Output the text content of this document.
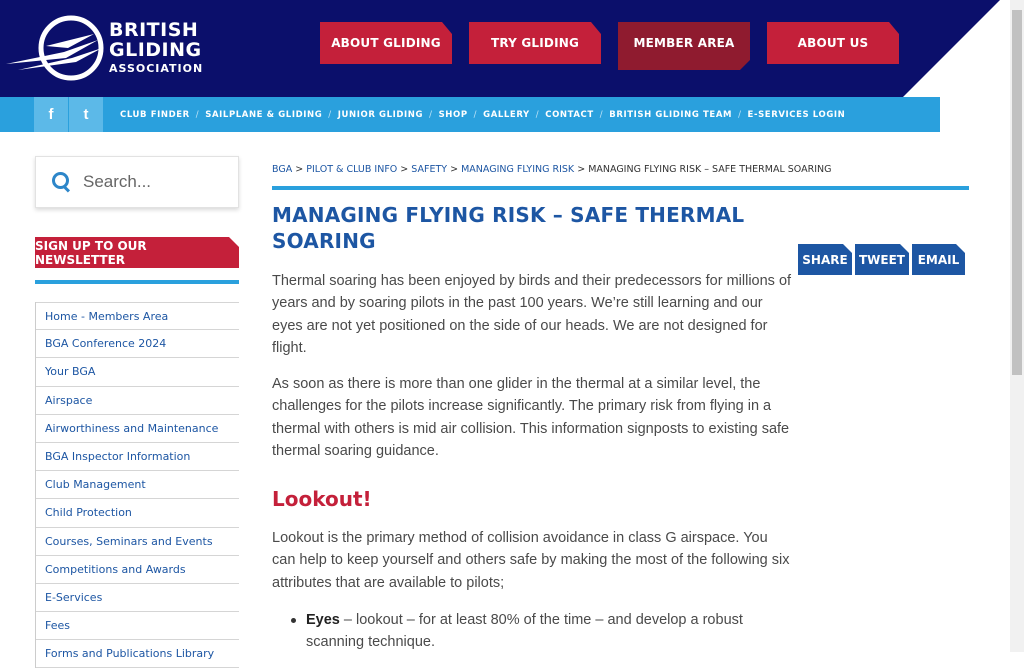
BRITISH
GLIDING
ASSOCIATION
ABOUT GLIDING	TRY GLIDING	MEMBER AREA	ABOUT US
f	t	CLUB FINDER / SAILPLANE & GLIDING / JUNIOR GLIDING / SHOP / GALLERY / CONTACT / BRITISH GLIDING TEAM / E-SERVICES LOGIN
Search...
SIGN UP TO OUR NEWSLETTER
Home - Members Area
BGA Conference 2024
Your BGA
Airspace
Airworthiness and Maintenance
BGA Inspector Information
Club Management
Child Protection
Courses, Seminars and Events
Competitions and Awards
E-Services
Fees
Forms and Publications Library
BGA > PILOT & CLUB INFO > SAFETY > MANAGING FLYING RISK > MANAGING FLYING RISK – SAFE THERMAL SOARING
MANAGING FLYING RISK – SAFE THERMAL SOARING
SHARE TWEET	EMAIL

Thermal soaring has been enjoyed by birds and their predecessors for millions of years and by soaring pilots in the past 100 years. We’re still learning and our eyes are not yet positioned on the side of our heads. We are not designed for flight.

As soon as there is more than one glider in the thermal at a similar level, the challenges for the pilots increase significantly. The primary risk from flying in a thermal with others is mid air collision. This information signposts to existing safe thermal soaring guidance.

Lookout!

Lookout is the primary method of collision avoidance in class G airspace. You can help to keep yourself and others safe by making the most of the following six attributes that are available to pilots;

Eyes – lookout – for at least 80% of the time – and develop a robust scanning technique.
